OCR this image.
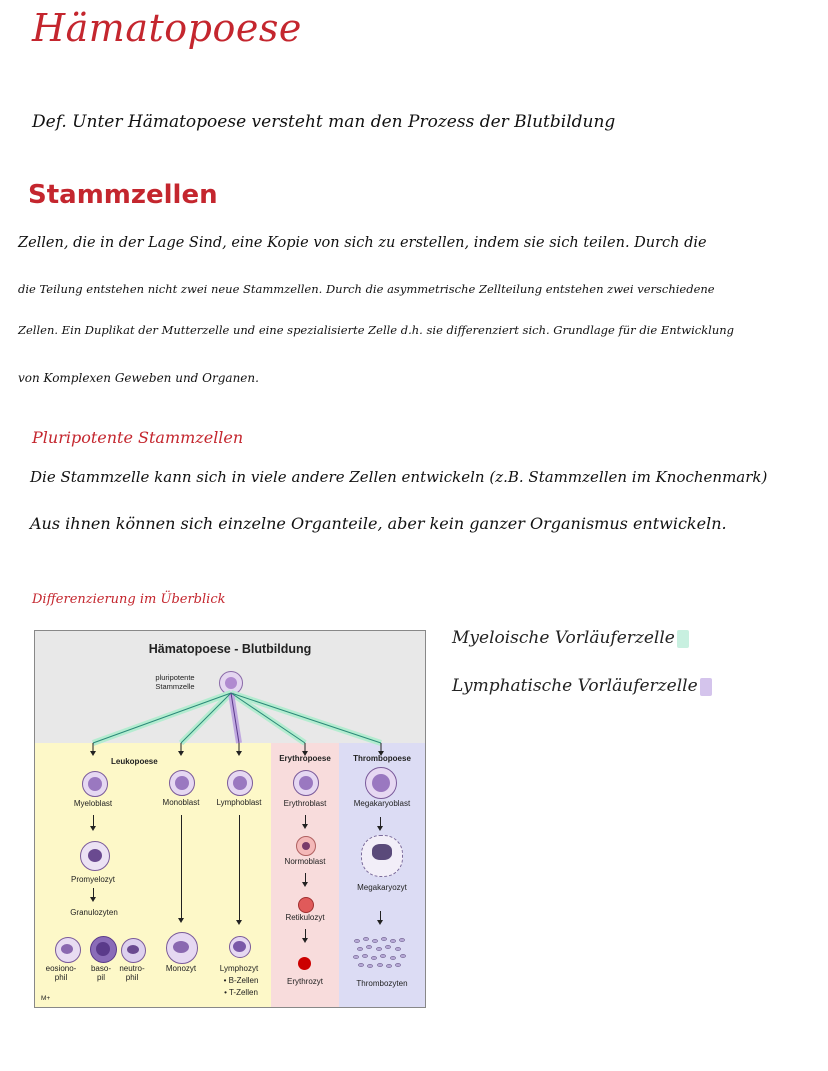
Hämatopoese
Def. Unter Hämatopoese versteht man den Prozess der Blutbildung
Stammzellen
Zellen, die in der Lage Sind, eine Kopie von sich zu erstellen, indem sie sich teilen. Durch die
die Teilung entstehen nicht zwei neue Stammzellen. Durch die asymmetrische Zellteilung entstehen zwei verschiedene
Zellen. Ein Duplikat der Mutterzelle und eine spezialisierte Zelle d.h. sie differenziert sich. Grundlage für die Entwicklung
von Komplexen Geweben und Organen.
Pluripotente Stammzellen
Die Stammzelle kann sich in viele andere Zellen entwickeln (z.B. Stammzellen im Knochenmark)
Aus ihnen können sich einzelne Organteile, aber kein ganzer Organismus entwickeln.
Differenzierung im Überblick
Myeloische Vorläuferzelle
Lymphatische Vorläuferzelle
Hämatopoese - Blutbildung
pluripotente Stammzelle
Leukopoese	Erythropoese	Thrombopoese
Myeloblast
Promyelozyt
Granulozyten
eosiono-
phil
baso-
pil
neutro-
phil
Monoblast
Monozyt
Lymphoblast
Lymphozyt
• B-Zellen
• T-Zellen
Erythroblast
Normoblast
Retikulozyt
Erythrozyt
Megakaryoblast
Megakaryozyt
Thrombozyten
M+
